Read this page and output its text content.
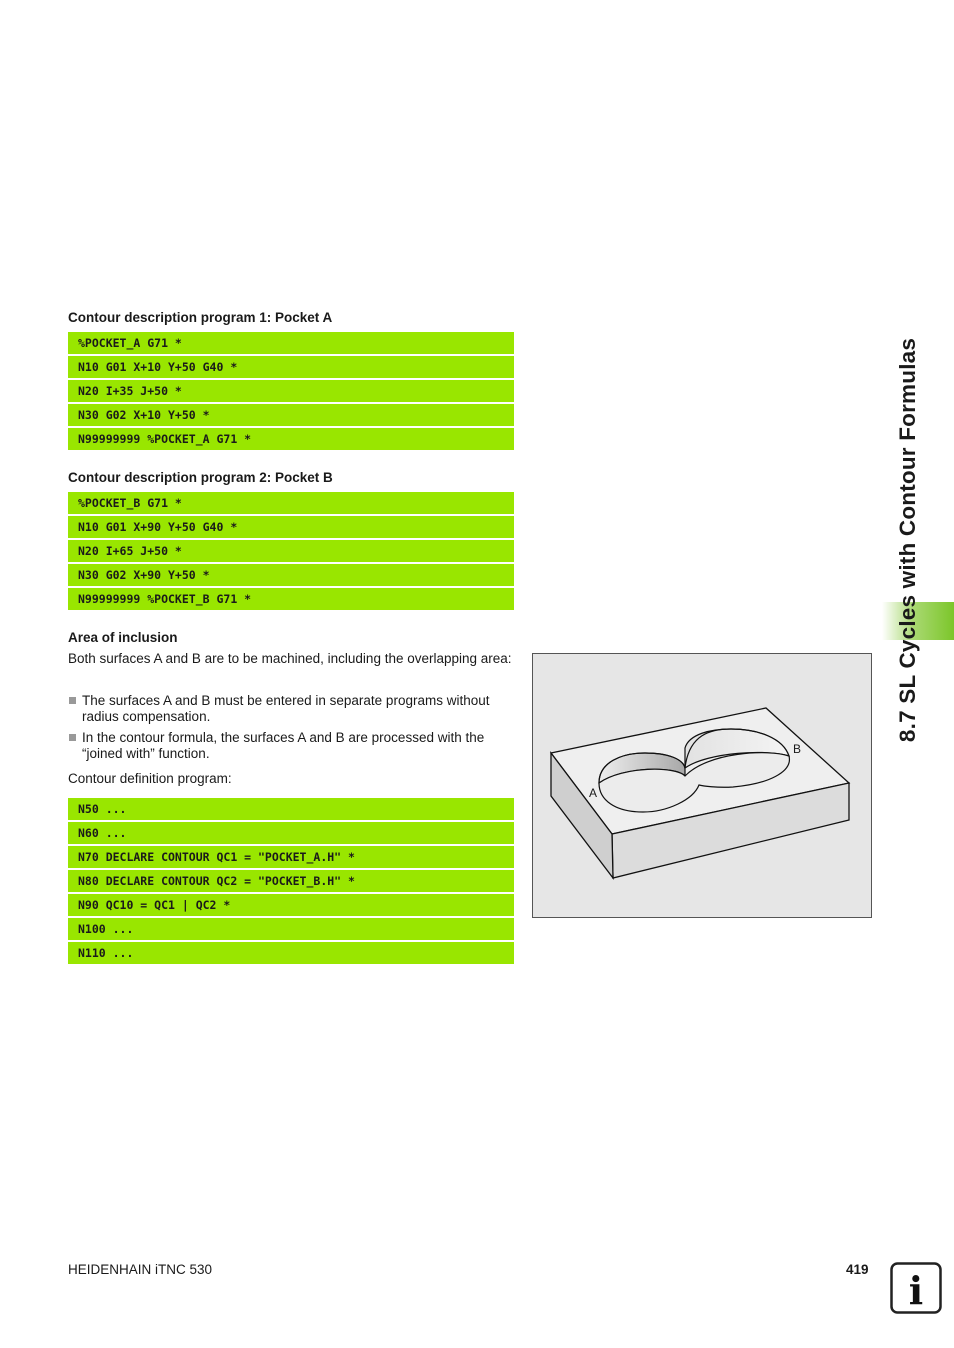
8.7 SL Cycles with Contour Formulas
Contour description program 1: Pocket A
%POCKET_A G71 *
N10 G01 X+10 Y+50 G40 *
N20 I+35 J+50 *
N30 G02 X+10 Y+50 *
N99999999 %POCKET_A G71 *
Contour description program 2: Pocket B
%POCKET_B G71 *
N10 G01 X+90 Y+50 G40 *
N20 I+65 J+50 *
N30 G02 X+90 Y+50 *
N99999999 %POCKET_B G71 *
Area of inclusion

Both surfaces A and B are to be machined, including the overlapping area:

The surfaces A and B must be entered in separate programs without radius compensation.
In the contour formula, the surfaces A and B are processed with the “joined with” function.

Contour definition program:

N50 ...
N60 ...
N70 DECLARE CONTOUR QC1 = "POCKET_A.H" *
N80 DECLARE CONTOUR QC2 = "POCKET_B.H" *
N90 QC10 = QC1 | QC2 *
N100 ...
N110 ...
A
B
HEIDENHAIN iTNC 530	419 i
